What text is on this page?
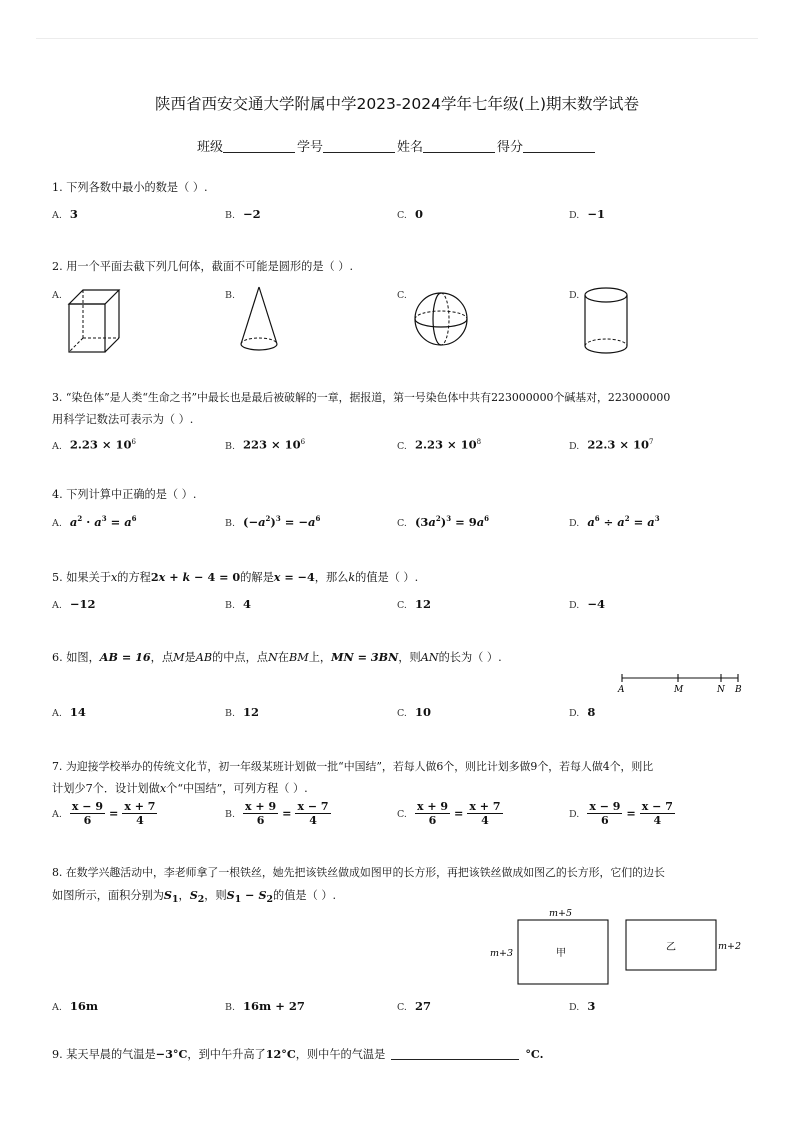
陕西省西安交通大学附属中学2023-2024学年七年级(上)期末数学试卷
班级	学号	姓名	得分
1. 下列各数中最小的数是（ ）.
A. 3	B. −2	C. 0	D. −1
2. 用一个平面去截下列几何体，截面不可能是圆形的是（ ）.
A.	B.	C.	D.
3. “染色体”是人类“生命之书”中最长也是最后被破解的一章，据报道，第一号染色体中共有223000000个碱基对，223000000
用科学记数法可表示为（ ）.
A. $2.23 \times 10^6$	B. $223 \times 10^6$	C. $2.23 \times 10^8$	D. $22.3 \times 10^7$
4. 下列计算中正确的是（ ）.
A. $a^2 \cdot a^3 = a^6$	B. $(-a^2)^3 = -a^6$	C. $(3a^2)^3 = 9a^6$	D. $a^6 \div a^2 = a^3$
5. 如果关于x的方程2x + k − 4 = 0的解是x = −4，那么k的值是（ ）.
A. −12	B. 4	C. 12	D. −4
6. 如图，AB = 16，点M是AB的中点，点N在BM上，MN = 3BN，则AN的长为（ ）.
A	M	N B
A. 14	B. 12	C. 10	D. 8
7. 为迎接学校举办的传统文化节，初一年级某班计划做一批“中国结”，若每人做6个，则比计划多做9个，若每人做4个，则比
计划少7个．设计划做x个“中国结”，可列方程（ ）.
A. $\frac{x - 9}{6} = \frac{x + 7}{4}$	B. $\frac{x + 9}{6} = \frac{x - 7}{4}$	C. $\frac{x + 9}{6} = \frac{x + 7}{4}$	D. $\frac{x - 9}{6} = \frac{x - 7}{4}$
8. 在数学兴趣活动中，李老师拿了一根铁丝，她先把该铁丝做成如图甲的长方形，再把该铁丝做成如图乙的长方形，它们的边长
如图所示，面积分别为$S_1$，$S_2$，则$S_1 - S_2$的值是（ ）.
m+5
m+3	甲
乙	m+2
A. 16m	B. 16m + 27	C. 27	D. 3
9. 某天早晨的气温是−3°C，到中午升高了12°C，则中午的气温是	°C.
